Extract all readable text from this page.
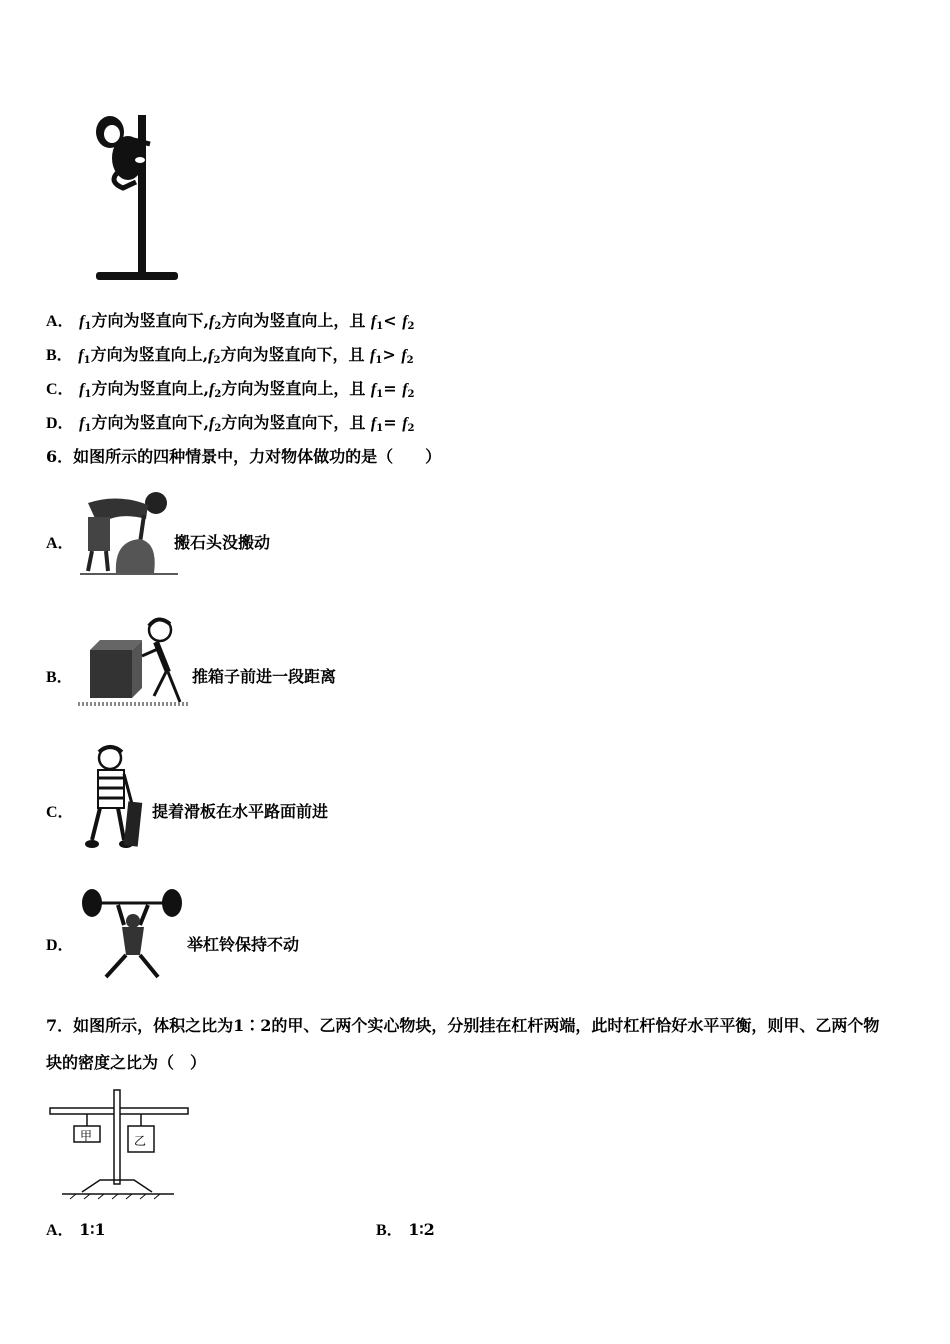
A． $f_1$方向为竖直向下$,f_2$方向为竖直向上，且 $f_1< f_2$
B． $f_1$方向为竖直向上$,f_2$方向为竖直向下，且 $f_1> f_2$
C． $f_1$方向为竖直向上$,f_2$方向为竖直向上，且 $f_1= f_2$
D． $f_1$方向为竖直向下$,f_2$方向为竖直向下，且 $f_1= f_2$
6．如图所示的四种情景中，力对物体做功的是（　　）
A．	搬石头没搬动
B．	推箱子前进一段距离
C．	提着滑板在水平路面前进
D．	举杠铃保持不动
7．如图所示，体积之比为1∶2的甲、乙两个实心物块，分别挂在杠杆两端，此时杠杆恰好水平平衡，则甲、乙两个物
块的密度之比为（　）
甲	乙
A． 1∶1	B． 1∶2
